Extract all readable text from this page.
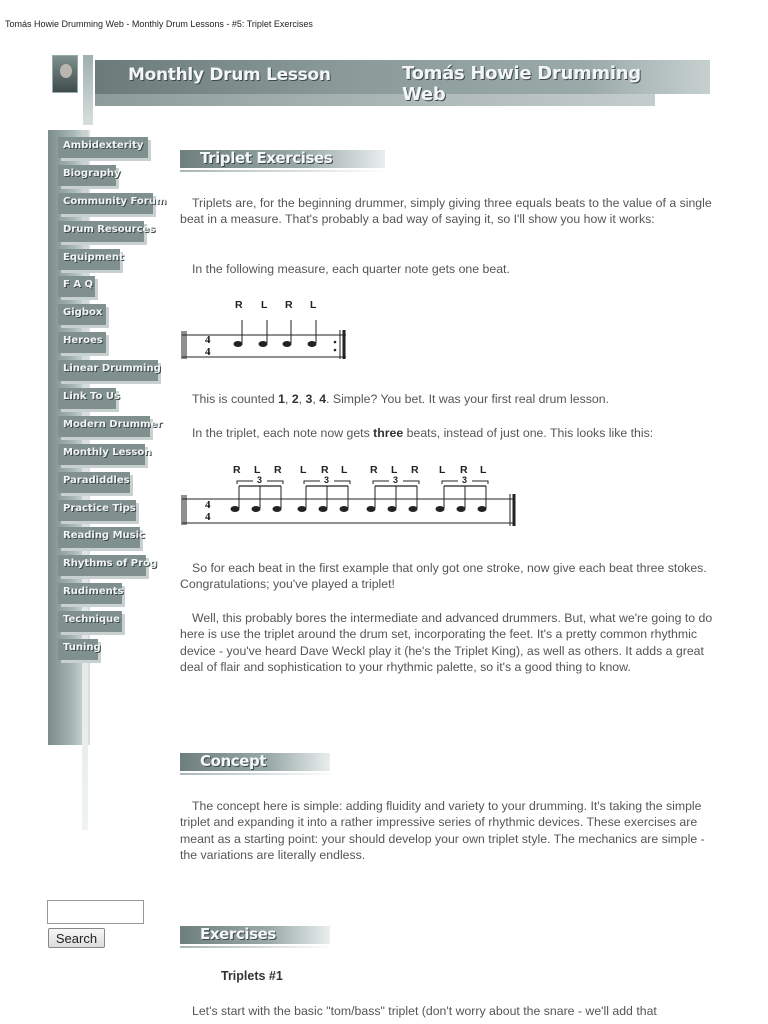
Tomás Howie Drumming Web - Monthly Drum Lessons - #5: Triplet Exercises
Monthly Drum Lesson	Tomás Howie Drumming Web
Ambidexterity
Biography
Community Forum
Drum Resources
Equipment
F A Q
Gigbox
Heroes
Linear Drumming
Link To Us
Modern Drummer
Monthly Lesson
Paradiddles
Practice Tips
Reading Music
Rhythms of Prog
Rudiments
Technique
Tuning
Search
Triplet Exercises
Concept
Exercises

Triplets are, for the beginning drummer, simply giving three equals beats to the value of a single beat in a measure. That's probably a bad way of saying it, so I'll show you how it works:

In the following measure, each quarter note gets one beat.

This is counted 1, 2, 3, 4. Simple? You bet. It was your first real drum lesson.

In the triplet, each note now gets three beats, instead of just one. This looks like this:

So for each beat in the first example that only got one stroke, now give each beat three stokes. Congratulations; you've played a triplet!

Well, this probably bores the intermediate and advanced drummers. But, what we're going to do here is use the triplet around the drum set, incorporating the feet. It's a pretty common rhythmic device - you've heard Dave Weckl play it (he's the Triplet King), as well as others. It adds a great deal of flair and sophistication to your rhythmic palette, so it's a good thing to know.

The concept here is simple: adding fluidity and variety to your drumming. It's taking the simple triplet and expanding it into a rather impressive series of rhythmic devices. These exercises are meant as a starting point: your should develop your own triplet style. The mechanics are simple - the variations are literally endless.

Triplets #1

Let's start with the basic "tom/bass" triplet (don't worry about the snare - we'll add that

R L R L
4
4
R L R L R L R L R L R L
4
4
3	3	3	3
